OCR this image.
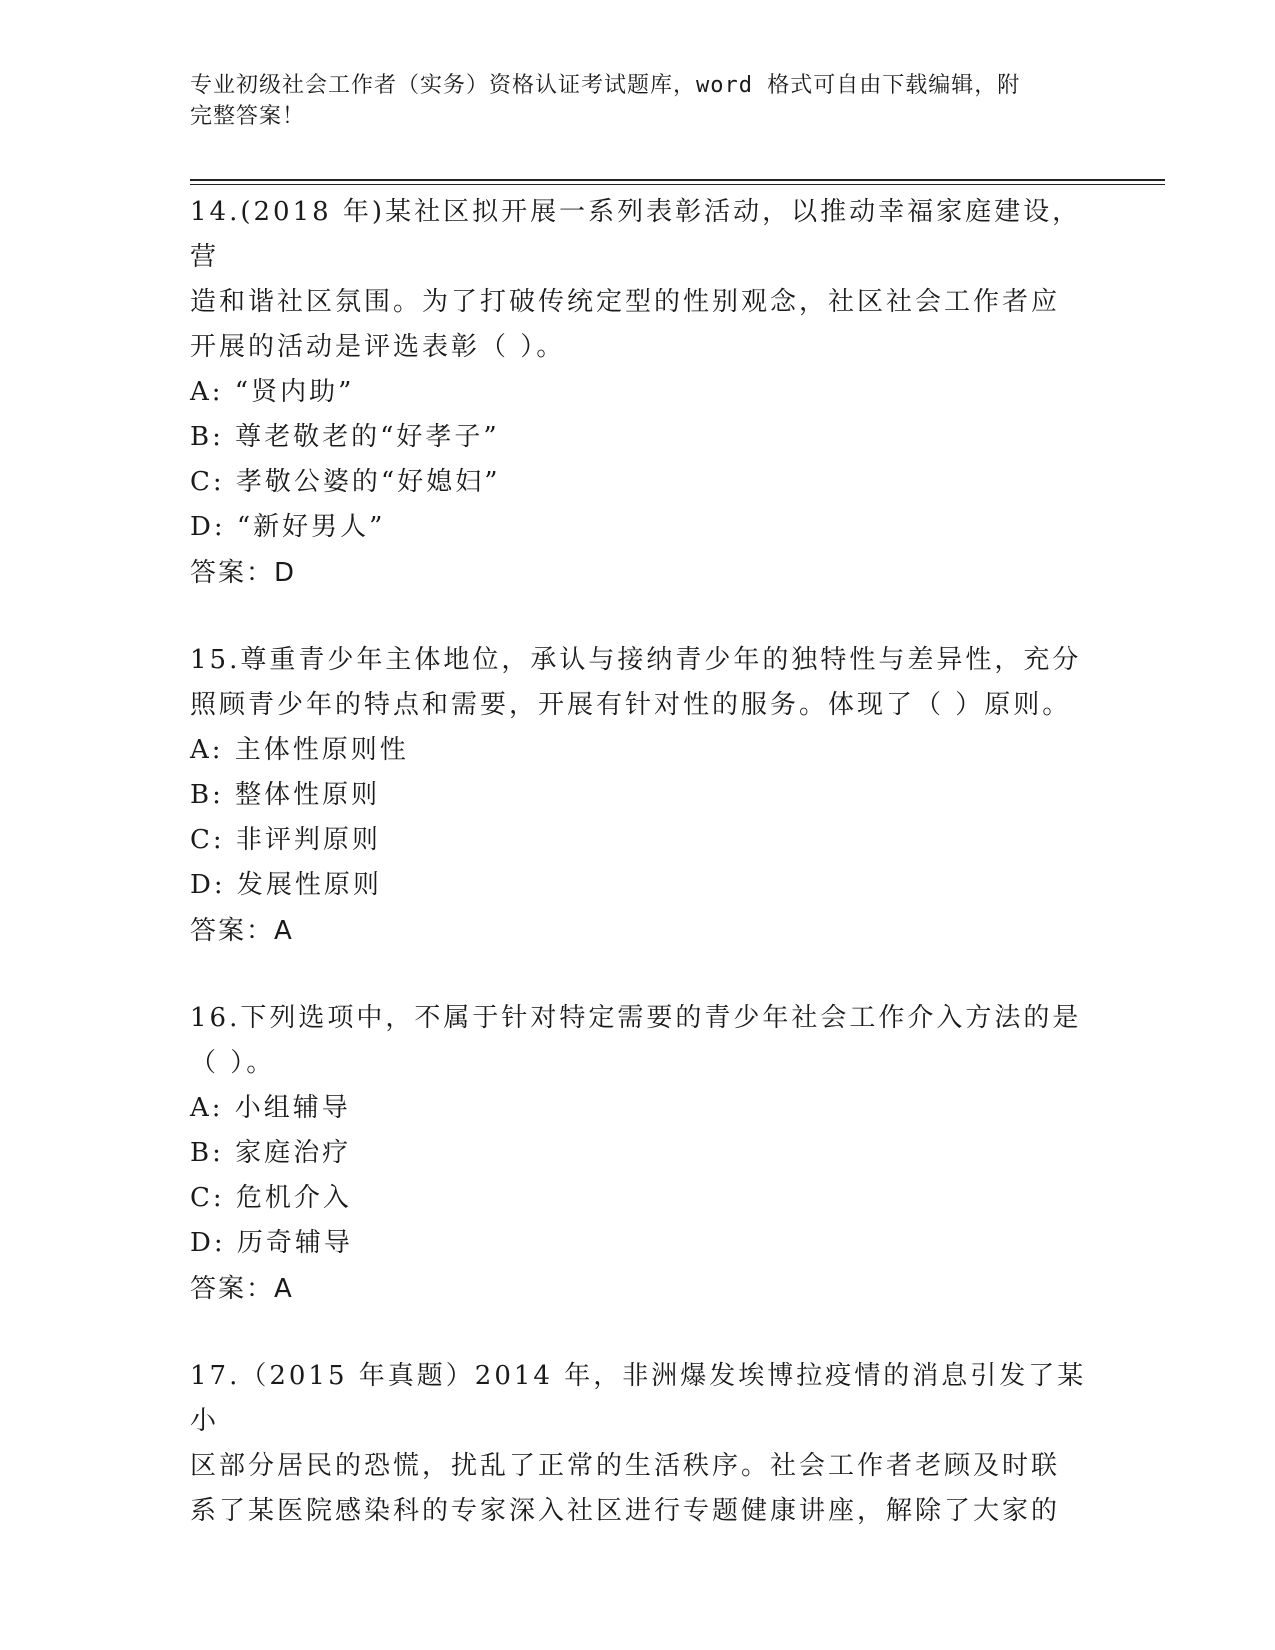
专业初级社会工作者（实务）资格认证考试题库，word 格式可自由下载编辑，附
完整答案！
14.(2018 年)某社区拟开展一系列表彰活动，以推动幸福家庭建设，营
造和谐社区氛围。为了打破传统定型的性别观念，社区社会工作者应
开展的活动是评选表彰（ ）。
A: “贤内助”
B: 尊老敬老的“好孝子”
C: 孝敬公婆的“好媳妇”
D: “新好男人”
答案：D
15.尊重青少年主体地位，承认与接纳青少年的独特性与差异性，充分
照顾青少年的特点和需要，开展有针对性的服务。体现了（ ）原则。
A: 主体性原则性
B: 整体性原则
C: 非评判原则
D: 发展性原则
答案：A
16.下列选项中，不属于针对特定需要的青少年社会工作介入方法的是
（ ）。
A: 小组辅导
B: 家庭治疗
C: 危机介入
D: 历奇辅导
答案：A
17.（2015 年真题）2014 年，非洲爆发埃博拉疫情的消息引发了某小
区部分居民的恐慌，扰乱了正常的生活秩序。社会工作者老顾及时联
系了某医院感染科的专家深入社区进行专题健康讲座，解除了大家的
